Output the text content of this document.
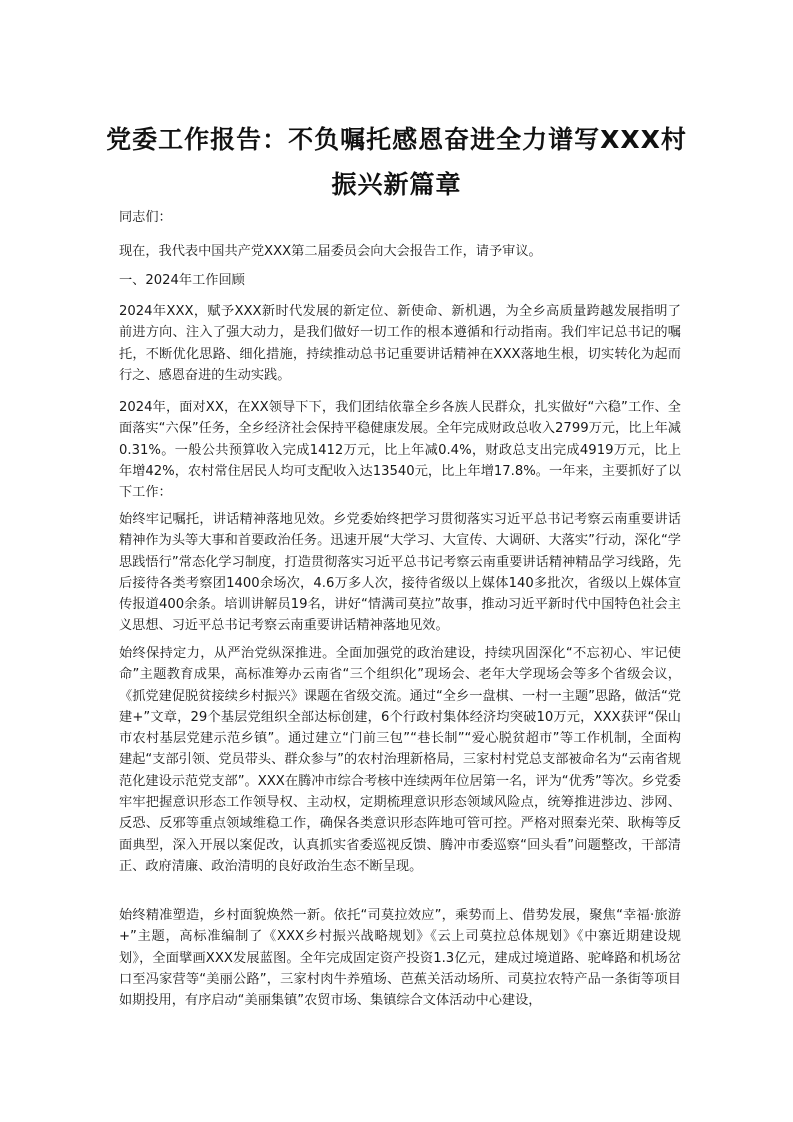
党委工作报告：不负嘱托感恩奋进全力谱写XXX村
振兴新篇章

同志们：

现在，我代表中国共产党XXX第二届委员会向大会报告工作，请予审议。

一、2024年工作回顾

2024年XXX，赋予XXX新时代发展的新定位、新使命、新机遇，为全乡高质量跨越发展指明了前进方向、注入了强大动力，是我们做好一切工作的根本遵循和行动指南。我们牢记总书记的嘱托，不断优化思路、细化措施，持续推动总书记重要讲话精神在XXX落地生根，切实转化为起而行之、感恩奋进的生动实践。

2024年，面对XX，在XX领导下下，我们团结依靠全乡各族人民群众，扎实做好“六稳”工作、全面落实“六保”任务，全乡经济社会保持平稳健康发展。全年完成财政总收入2799万元，比上年减0.31%。一般公共预算收入完成1412万元，比上年减0.4%，财政总支出完成4919万元，比上年增42%，农村常住居民人均可支配收入达13540元，比上年增17.8%。一年来，主要抓好了以下工作：

始终牢记嘱托，讲话精神落地见效。乡党委始终把学习贯彻落实习近平总书记考察云南重要讲话精神作为头等大事和首要政治任务。迅速开展“大学习、大宣传、大调研、大落实”行动，深化“学思践悟行”常态化学习制度，打造贯彻落实习近平总书记考察云南重要讲话精神精品学习线路，先后接待各类考察团1400余场次，4.6万多人次，接待省级以上媒体140多批次，省级以上媒体宣传报道400余条。培训讲解员19名，讲好“情满司莫拉”故事，推动习近平新时代中国特色社会主义思想、习近平总书记考察云南重要讲话精神落地见效。

始终保持定力，从严治党纵深推进。全面加强党的政治建设，持续巩固深化“不忘初心、牢记使命”主题教育成果，高标准筹办云南省“三个组织化”现场会、老年大学现场会等多个省级会议，《抓党建促脱贫接续乡村振兴》课题在省级交流。通过“全乡一盘棋、一村一主题”思路，做活“党建+”文章，29个基层党组织全部达标创建，6个行政村集体经济均突破10万元，XXX获评“保山市农村基层党建示范乡镇”。通过建立“门前三包”“巷长制”“爱心脱贫超市”等工作机制，全面构建起“支部引领、党员带头、群众参与”的农村治理新格局，三家村村党总支部被命名为“云南省规范化建设示范党支部”。XXX在腾冲市综合考核中连续两年位居第一名，评为“优秀”等次。乡党委牢牢把握意识形态工作领导权、主动权，定期梳理意识形态领域风险点，统筹推进涉边、涉网、反恐、反邪等重点领域维稳工作，确保各类意识形态阵地可管可控。严格对照秦光荣、耿梅等反面典型，深入开展以案促改，认真抓实省委巡视反馈、腾冲市委巡察“回头看”问题整改，干部清正、政府清廉、政治清明的良好政治生态不断呈现。

始终精准塑造，乡村面貌焕然一新。依托“司莫拉效应”，乘势而上、借势发展，聚焦“幸福·旅游+”主题，高标准编制了《XXX乡村振兴战略规划》《云上司莫拉总体规划》《中寨近期建设规划》，全面擘画XXX发展蓝图。全年完成固定资产投资1.3亿元，建成过境道路、驼峰路和机场岔口至冯家营等“美丽公路”，三家村肉牛养殖场、芭蕉关活动场所、司莫拉农特产品一条街等项目如期投用，有序启动“美丽集镇”农贸市场、集镇综合文体活动中心建设，
